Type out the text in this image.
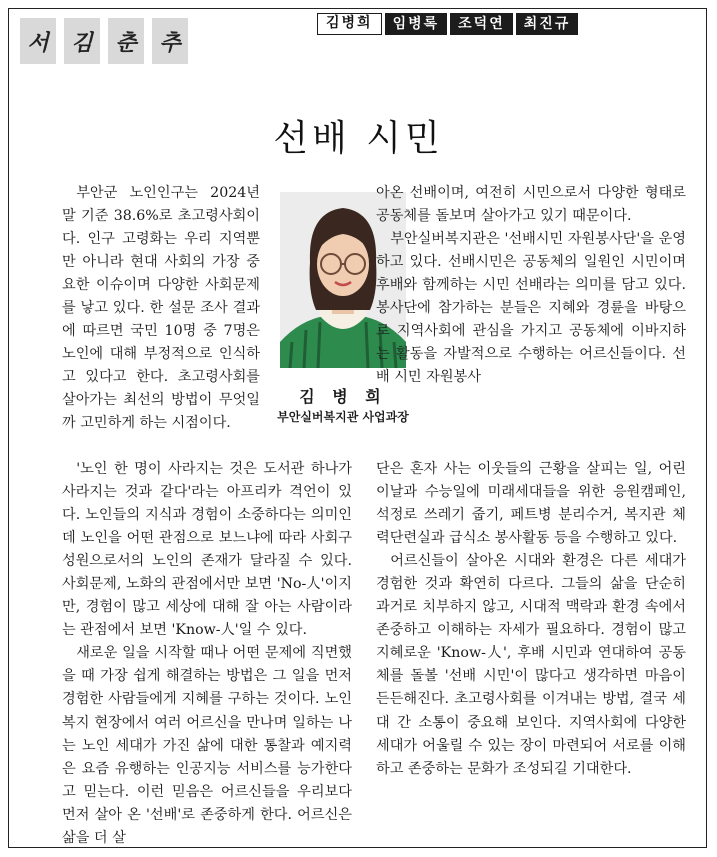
서	김	춘	추
김병희	임병록	조덕연	최진규
선배 시민

부안군 노인인구는 2024년 말 기준 38.6%로 초고령사회이다. 인구 고령화는 우리 지역뿐만 아니라 현대 사회의 가장 중요한 이슈이며 다양한 사회문제를 낳고 있다. 한 설문 조사 결과에 따르면 국민 10명 중 7명은 노인에 대해 부정적으로 인식하고 있다고 한다. 초고령사회를 살아가는 최선의 방법이 무엇일까 고민하게 하는 시점이다.

김 병 희
부안실버복지관 사업과장

'노인 한 명이 사라지는 것은 도서관 하나가 사라지는 것과 같다'라는 아프리카 격언이 있다. 노인들의 지식과 경험이 소중하다는 의미인데 노인을 어떤 관점으로 보느냐에 따라 사회구성원으로서의 노인의 존재가 달라질 수 있다. 사회문제, 노화의 관점에서만 보면 'No-人'이지만, 경험이 많고 세상에 대해 잘 아는 사람이라는 관점에서 보면 'Know-人'일 수 있다.

새로운 일을 시작할 때나 어떤 문제에 직면했을 때 가장 쉽게 해결하는 방법은 그 일을 먼저 경험한 사람들에게 지혜를 구하는 것이다. 노인복지 현장에서 여러 어르신을 만나며 일하는 나는 노인 세대가 가진 삶에 대한 통찰과 예지력은 요즘 유행하는 인공지능 서비스를 능가한다고 믿는다. 이런 믿음은 어르신들을 우리보다 먼저 살아 온 '선배'로 존중하게 한다. 어르신은 삶을 더 살

아온 선배이며, 여전히 시민으로서 다양한 형태로 공동체를 돌보며 살아가고 있기 때문이다.

부안실버복지관은 '선배시민 자원봉사단'을 운영하고 있다. 선배시민은 공동체의 일원인 시민이며 후배와 함께하는 시민 선배라는 의미를 담고 있다. 봉사단에 참가하는 분들은 지혜와 경륜을 바탕으로 지역사회에 관심을 가지고 공동체에 이바지하는 활동을 자발적으로 수행하는 어르신들이다. 선배 시민 자원봉사

단은 혼자 사는 이웃들의 근황을 살피는 일, 어린이날과 수능일에 미래세대들을 위한 응원캠페인, 석정로 쓰레기 줍기, 페트병 분리수거, 복지관 체력단련실과 급식소 봉사활동 등을 수행하고 있다.

어르신들이 살아온 시대와 환경은 다른 세대가 경험한 것과 확연히 다르다. 그들의 삶을 단순히 과거로 치부하지 않고, 시대적 맥락과 환경 속에서 존중하고 이해하는 자세가 필요하다. 경험이 많고 지혜로운 'Know-人', 후배 시민과 연대하여 공동체를 돌볼 '선배 시민'이 많다고 생각하면 마음이 든든해진다. 초고령사회를 이겨내는 방법, 결국 세대 간 소통이 중요해 보인다. 지역사회에 다양한 세대가 어울릴 수 있는 장이 마련되어 서로를 이해하고 존중하는 문화가 조성되길 기대한다.
